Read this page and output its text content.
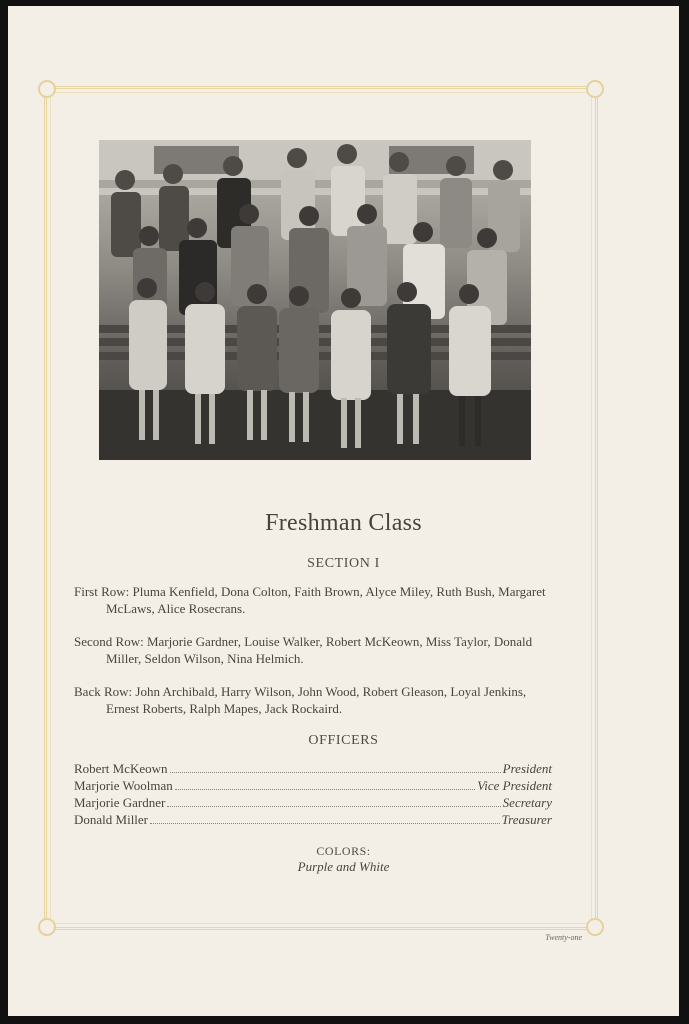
Freshman Class
SECTION I
First Row: Pluma Kenfield, Dona Colton, Faith Brown, Alyce Miley, Ruth Bush, Margaret McLaws, Alice Rosecrans.
Second Row: Marjorie Gardner, Louise Walker, Robert McKeown, Miss Taylor, Donald Miller, Seldon Wilson, Nina Helmich.
Back Row: John Archibald, Harry Wilson, John Wood, Robert Gleason, Loyal Jenkins, Ernest Roberts, Ralph Mapes, Jack Rockaird.
OFFICERS
Robert McKeown	President
Marjorie Woolman	Vice President
Marjorie Gardner	Secretary
Donald Miller	Treasurer
COLORS:
Purple and White
Twenty-one
